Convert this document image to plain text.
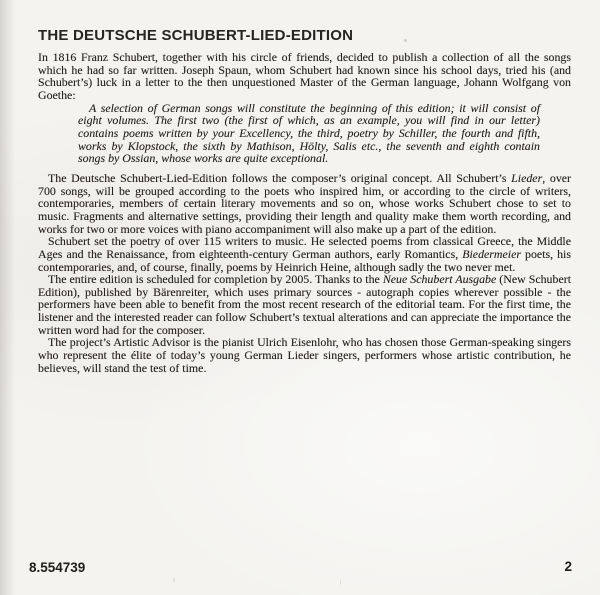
THE DEUTSCHE SCHUBERT-LIED-EDITION

In 1816 Franz Schubert, together with his circle of friends, decided to publish a collection of all the songs which he had so far written. Joseph Spaun, whom Schubert had known since his school days, tried his (and Schubert’s) luck in a letter to the then unquestioned Master of the German language, Johann Wolfgang von Goethe:

A selection of German songs will constitute the beginning of this edition; it will consist of eight volumes. The first two (the first of which, as an example, you will find in our letter) contains poems written by your Excellency, the third, poetry by Schiller, the fourth and fifth, works by Klopstock, the sixth by Mathison, Hölty, Salis etc., the seventh and eighth contain songs by Ossian, whose works are quite exceptional.

The Deutsche Schubert-Lied-Edition follows the composer’s original concept. All Schubert’s Lieder, over 700 songs, will be grouped according to the poets who inspired him, or according to the circle of writers, contemporaries, members of certain literary movements and so on, whose works Schubert chose to set to music. Fragments and alternative settings, providing their length and quality make them worth recording, and works for two or more voices with piano accompaniment will also make up a part of the edition.

Schubert set the poetry of over 115 writers to music. He selected poems from classical Greece, the Middle Ages and the Renaissance, from eighteenth-century German authors, early Romantics, Biedermeier poets, his contemporaries, and, of course, finally, poems by Heinrich Heine, although sadly the two never met.

The entire edition is scheduled for completion by 2005. Thanks to the Neue Schubert Ausgabe (New Schubert Edition), published by Bärenreiter, which uses primary sources - autograph copies wherever possible - the performers have been able to benefit from the most recent research of the editorial team. For the first time, the listener and the interested reader can follow Schubert’s textual alterations and can appreciate the importance the written word had for the composer.

The project’s Artistic Advisor is the pianist Ulrich Eisenlohr, who has chosen those German-speaking singers who represent the élite of today’s young German Lieder singers, performers whose artistic contribution, he believes, will stand the test of time.

8.554739	2
